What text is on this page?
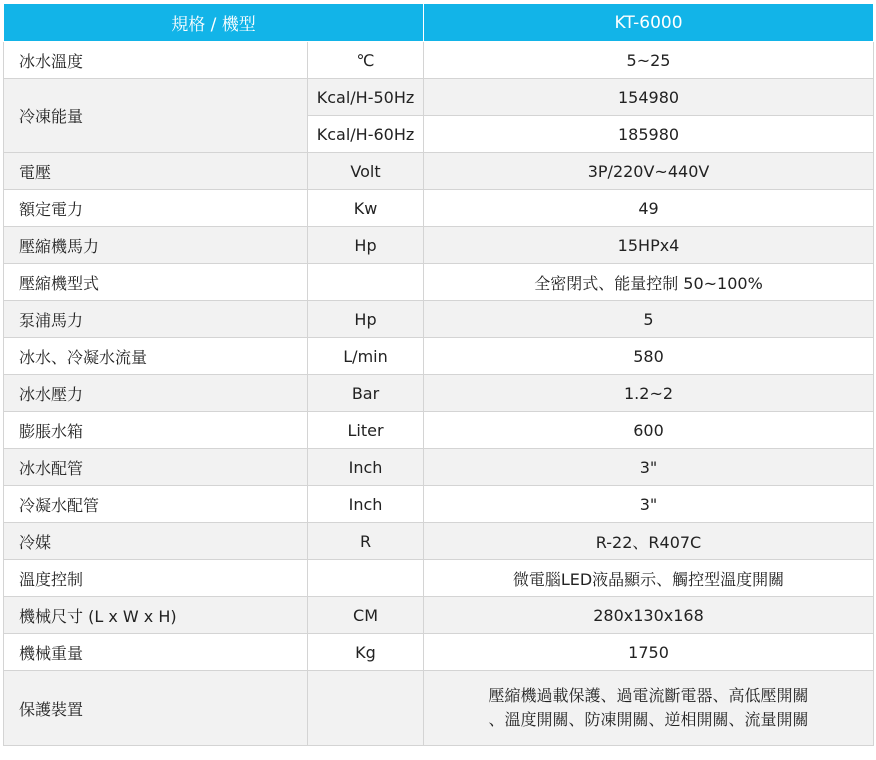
規格 / 機型		KT-6000
冰水溫度	℃	5~25
冷凍能量	Kcal/H-50Hz	154980
	Kcal/H-60Hz	185980
電壓	Volt	3P/220V~440V
額定電力	Kw	49
壓縮機馬力	Hp	15HPx4
壓縮機型式		全密閉式、能量控制 50~100%
泵浦馬力	Hp	5
冰水、冷凝水流量	L/min	580
冰水壓力	Bar	1.2~2
膨脹水箱	Liter	600
冰水配管	Inch	3"
冷凝水配管	Inch	3"
冷媒	R	R-22、R407C
溫度控制		微電腦LED液晶顯示、觸控型溫度開關
機械尺寸 (L x W x H)	CM	280x130x168
機械重量	Kg	1750
保護裝置		壓縮機過載保護、過電流斷電器、高低壓開關
、溫度開關、防凍開關、逆相開關、流量開關
